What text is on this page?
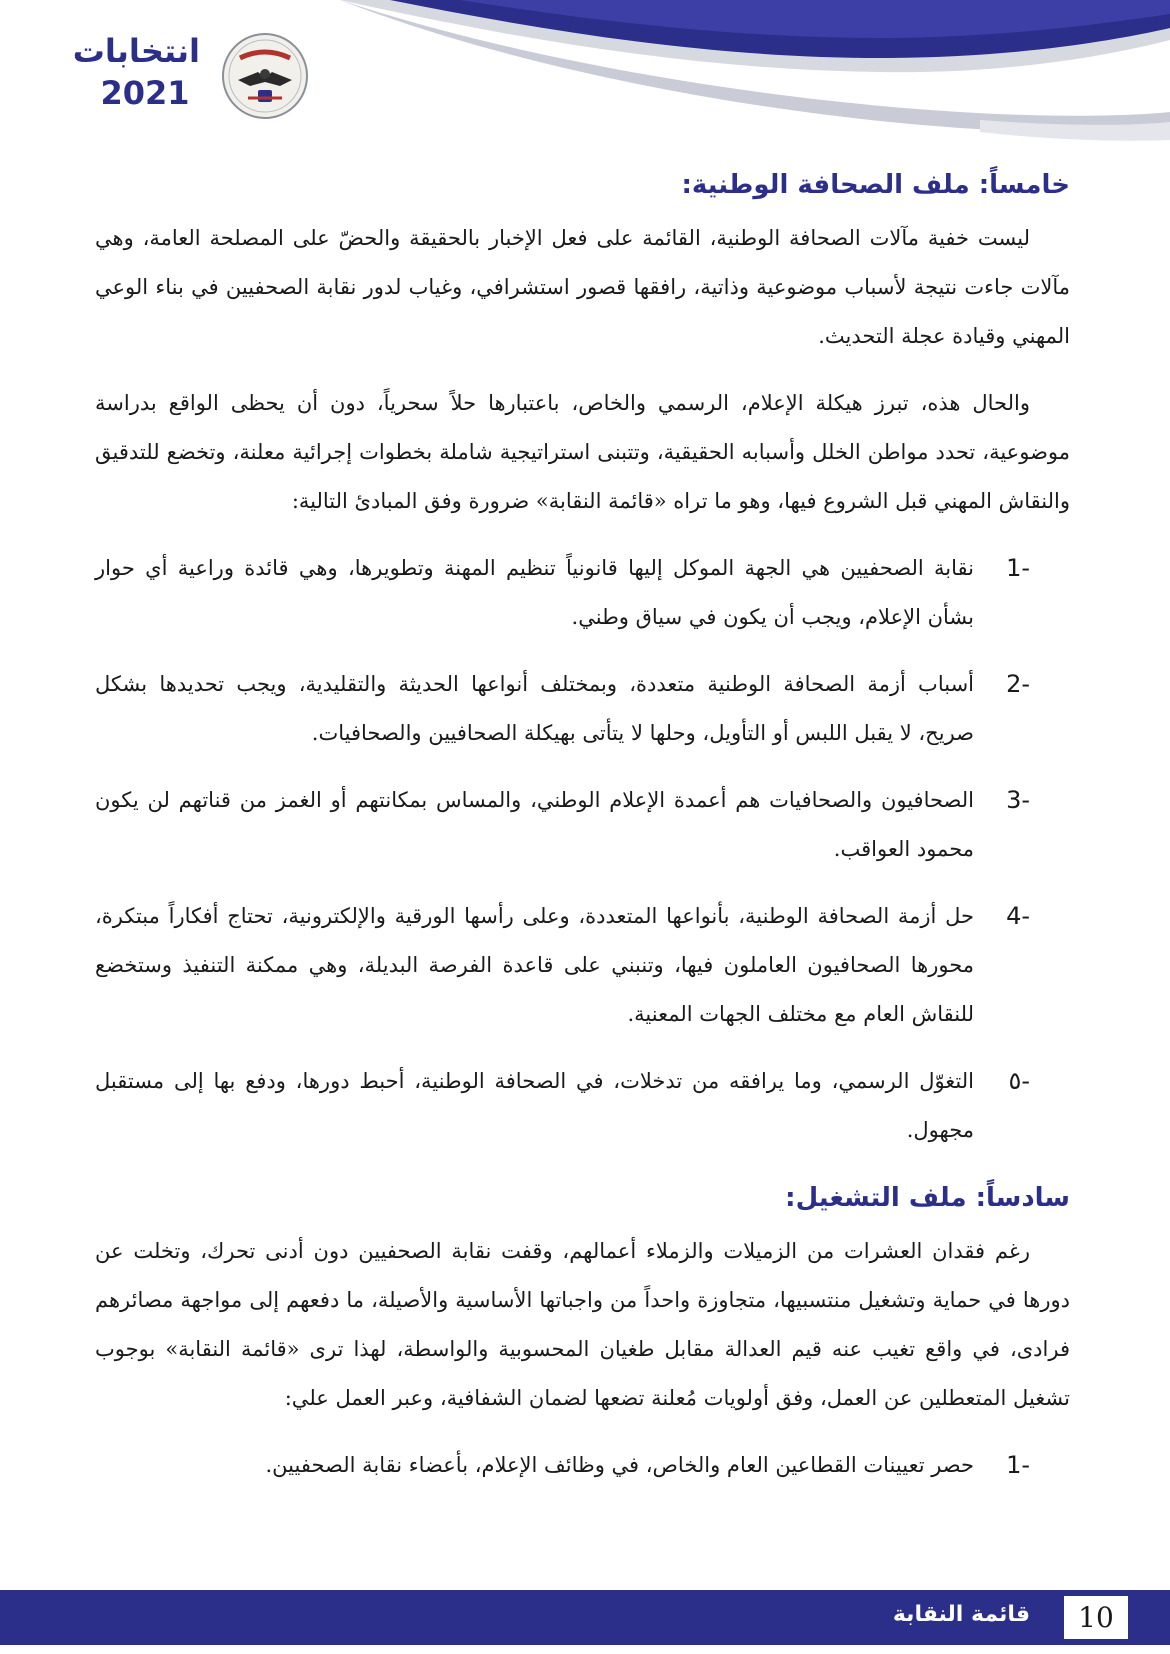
انتخابات
2021
خامساً: ملف الصحافة الوطنية:

ليست خفية مآلات الصحافة الوطنية، القائمة على فعل الإخبار بالحقيقة والحضّ على المصلحة العامة، وهي مآلات جاءت نتيجة لأسباب موضوعية وذاتية، رافقها قصور استشرافي، وغياب لدور نقابة الصحفيين في بناء الوعي المهني وقيادة عجلة التحديث.

والحال هذه، تبرز هيكلة الإعلام، الرسمي والخاص، باعتبارها حلاً سحرياً، دون أن يحظى الواقع بدراسة موضوعية، تحدد مواطن الخلل وأسبابه الحقيقية، وتتبنى استراتيجية شاملة بخطوات إجرائية معلنة، وتخضع للتدقيق والنقاش المهني قبل الشروع فيها، وهو ما تراه «قائمة النقابة» ضرورة وفق المبادئ التالية:

1-
نقابة الصحفيين هي الجهة الموكل إليها قانونياً تنظيم المهنة وتطويرها، وهي قائدة وراعية أي حوار بشأن الإعلام، ويجب أن يكون في سياق وطني.
2-
أسباب أزمة الصحافة الوطنية متعددة، وبمختلف أنواعها الحديثة والتقليدية، ويجب تحديدها بشكل صريح، لا يقبل اللبس أو التأويل، وحلها لا يتأتى بهيكلة الصحافيين والصحافيات.
3-
الصحافيون والصحافيات هم أعمدة الإعلام الوطني، والمساس بمكانتهم أو الغمز من قناتهم لن يكون محمود العواقب.
4-
حل أزمة الصحافة الوطنية، بأنواعها المتعددة، وعلى رأسها الورقية والإلكترونية، تحتاج أفكاراً مبتكرة، محورها الصحافيون العاملون فيها، وتنبني على قاعدة الفرصة البديلة، وهي ممكنة التنفيذ وستخضع للنقاش العام مع مختلف الجهات المعنية.
٥-
التغوّل الرسمي، وما يرافقه من تدخلات، في الصحافة الوطنية، أحبط دورها، ودفع بها إلى مستقبل مجهول.
سادساً: ملف التشغيل:

رغم فقدان العشرات من الزميلات والزملاء أعمالهم، وقفت نقابة الصحفيين دون أدنى تحرك، وتخلت عن دورها في حماية وتشغيل منتسبيها، متجاوزة واحداً من واجباتها الأساسية والأصيلة، ما دفعهم إلى مواجهة مصائرهم فرادى، في واقع تغيب عنه قيم العدالة مقابل طغيان المحسوبية والواسطة، لهذا ترى «قائمة النقابة» بوجوب تشغيل المتعطلين عن العمل، وفق أولويات مُعلنة تضعها لضمان الشفافية، وعبر العمل علي:

1-
حصر تعيينات القطاعين العام والخاص، في وظائف الإعلام، بأعضاء نقابة الصحفيين.
قائمة النقابة	10
